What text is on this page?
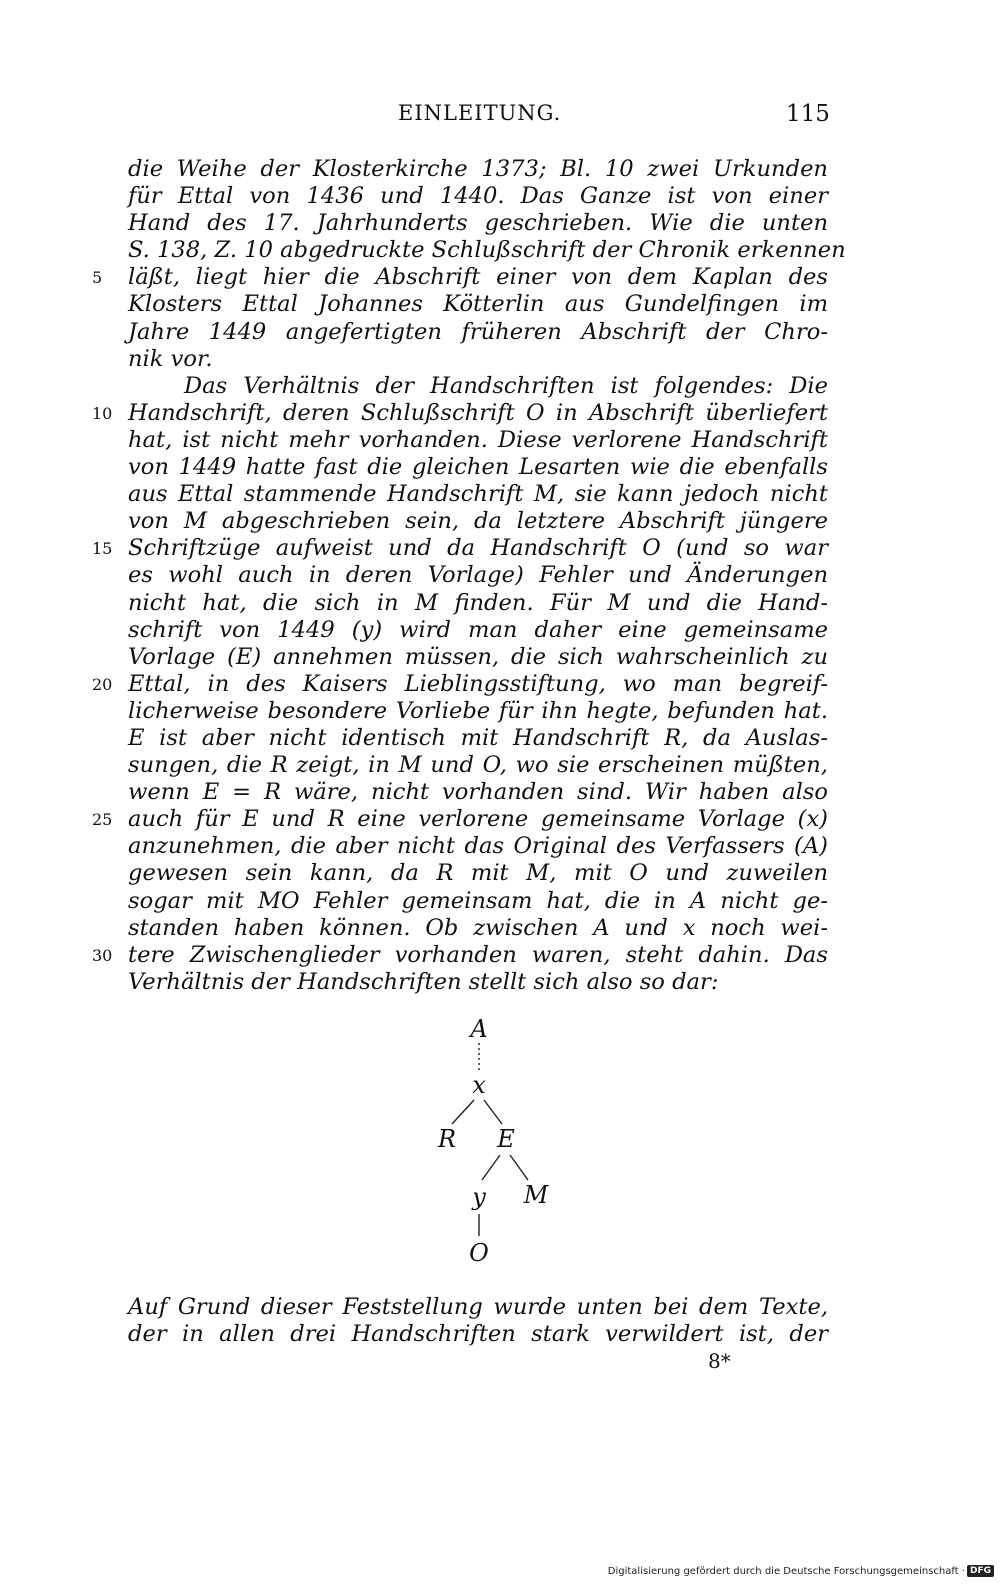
EINLEITUNG.	115
die Weihe der Klosterkirche 1373; Bl. 10 zwei Urkunden
für Ettal von 1436 und 1440. Das Ganze ist von einer
Hand des 17. Jahrhunderts geschrieben. Wie die unten
S. 138, Z. 10 abgedruckte Schlußschrift der Chronik erkennen
5	läßt, liegt hier die Abschrift einer von dem Kaplan des
Klosters Ettal Johannes Kötterlin aus Gundelfingen im
Jahre 1449 angefertigten früheren Abschrift der Chro-
nik vor.
Das Verhältnis der Handschriften ist folgendes: Die
10 Handschrift, deren Schlußschrift O in Abschrift überliefert
hat, ist nicht mehr vorhanden. Diese verlorene Handschrift
von 1449 hatte fast die gleichen Lesarten wie die ebenfalls
aus Ettal stammende Handschrift M, sie kann jedoch nicht
von M abgeschrieben sein, da letztere Abschrift jüngere
15 Schriftzüge aufweist und da Handschrift O (und so war
es wohl auch in deren Vorlage) Fehler und Änderungen
nicht hat, die sich in M finden. Für M und die Hand-
schrift von 1449 (y) wird man daher eine gemeinsame
Vorlage (E) annehmen müssen, die sich wahrscheinlich zu
20 Ettal, in des Kaisers Lieblingsstiftung, wo man begreif-
licherweise besondere Vorliebe für ihn hegte, befunden hat.
E ist aber nicht identisch mit Handschrift R, da Auslas-
sungen, die R zeigt, in M und O, wo sie erscheinen müßten,
wenn E = R wäre, nicht vorhanden sind. Wir haben also
25 auch für E und R eine verlorene gemeinsame Vorlage (x)
anzunehmen, die aber nicht das Original des Verfassers (A)
gewesen sein kann, da R mit M, mit O und zuweilen
sogar mit MO Fehler gemeinsam hat, die in A nicht ge-
standen haben können. Ob zwischen A und x noch wei-
30 tere Zwischenglieder vorhanden waren, steht dahin. Das
Verhältnis der Handschriften stellt sich also so dar:
A
x
R E
y	M
O
Auf Grund dieser Feststellung wurde unten bei dem Texte,
der in allen drei Handschriften stark verwildert ist, der
8*
Digitalisierung gefördert durch die Deutsche Forschungsgemeinschaft · DFG
